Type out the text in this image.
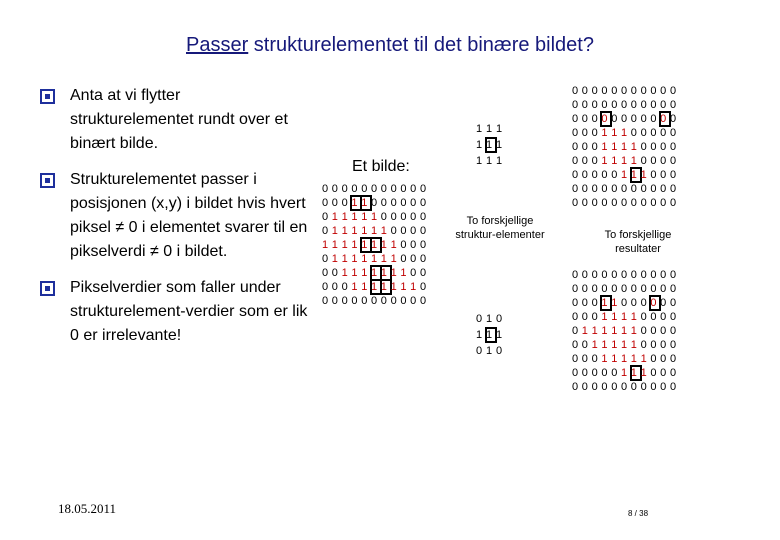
Passer strukturelementet til det binære bildet?
Anta at vi flytter strukturelementet rundt over et binært bilde.
Strukturelementet passer i posisjonen (x,y) i bildet hvis hvert piksel ≠ 0 i elementet svarer til en pikselverdi ≠ 0 i bildet.
Pikselverdier som faller under strukturelement-verdier som er lik 0 er irrelevante!
Et bilde:
0 0 0 0 0 0 0 0 0 0 0
0 0 0 1 1 0 0 0 0 0 0
0 1 1 1 1 1 0 0 0 0 0
0 1 1 1 1 1 1 0 0 0 0
1 1 1 1 1 1 1 1 0 0 0
0 1 1 1 1 1 1 1 0 0 0
0 0 1 1 1 1 1 1 1 0 0
0 0 0 1 1 1 1 1 1 1 0
0 0 0 0 0 0 0 0 0 0 0
1 1 1
1 1 1
1 1 1
0 1 0
1 1 1
0 1 0
To forskjellige struktur-elementer
0 0 0 0 0 0 0 0 0 0 0
0 0 0 0 0 0 0 0 0 0 0
0 0 0 0 0 0 0 0 0 0 0
0 0 0 1 1 1 0 0 0 0 0
0 0 0 1 1 1 1 0 0 0 0
0 0 0 1 1 1 1 0 0 0 0
0 0 0 0 0 1 1 1 0 0 0
0 0 0 0 0 0 0 0 0 0 0
0 0 0 0 0 0 0 0 0 0 0
To forskjellige resultater
0 0 0 0 0 0 0 0 0 0 0
0 0 0 0 0 0 0 0 0 0 0
0 0 0 1 1 0 0 0 0 0 0
0 0 0 1 1 1 1 0 0 0 0
0 1 1 1 1 1 1 0 0 0 0
0 0 1 1 1 1 1 0 0 0 0
0 0 0 1 1 1 1 1 0 0 0
0 0 0 0 0 1 1 1 0 0 0
0 0 0 0 0 0 0 0 0 0 0
18.05.2011	8 / 38
